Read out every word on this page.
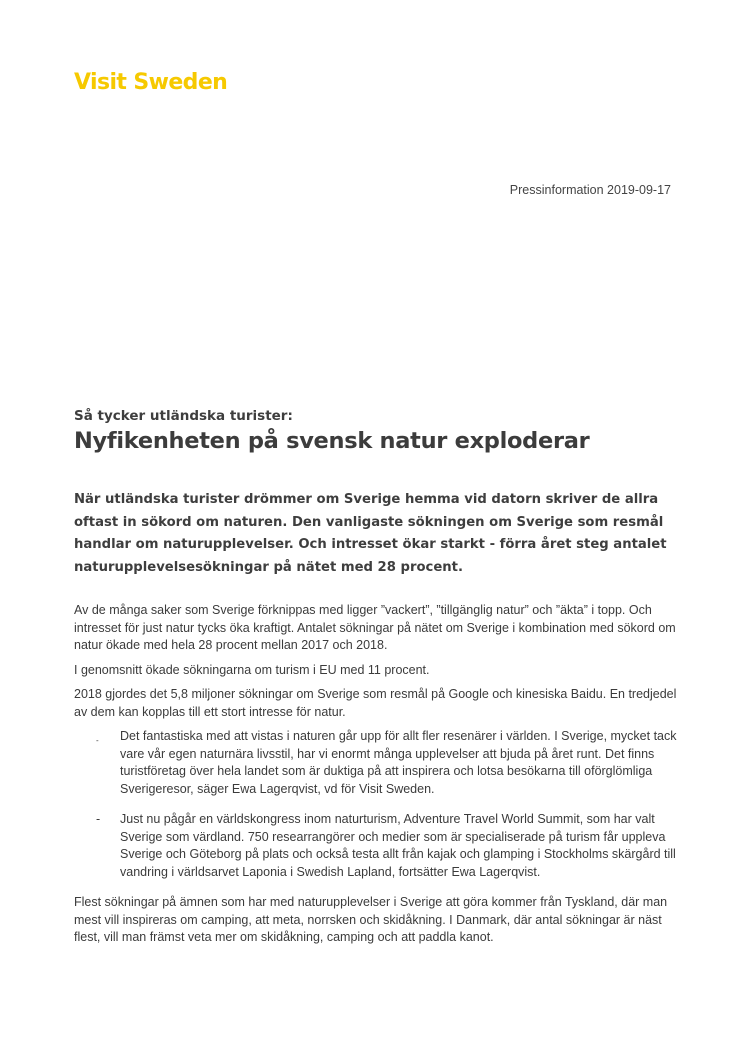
Visit Sweden
Pressinformation 2019-09-17
Så tycker utländska turister:
Nyfikenheten på svensk natur exploderar

När utländska turister drömmer om Sverige hemma vid datorn skriver de allra oftast in sökord om naturen. Den vanligaste sökningen om Sverige som resmål handlar om naturupplevelser. Och intresset ökar starkt - förra året steg antalet naturupplevelsesökningar på nätet med 28 procent.

Av de många saker som Sverige förknippas med ligger ”vackert”, ”tillgänglig natur” och ”äkta” i topp. Och intresset för just natur tycks öka kraftigt. Antalet sökningar på nätet om Sverige i kombination med sökord om natur ökade med hela 28 procent mellan 2017 och 2018.

I genomsnitt ökade sökningarna om turism i EU med 11 procent.

2018 gjordes det 5,8 miljoner sökningar om Sverige som resmål på Google och kinesiska Baidu. En tredjedel av dem kan kopplas till ett stort intresse för natur.

- Det fantastiska med att vistas i naturen går upp för allt fler resenärer i världen. I Sverige, mycket tack vare vår egen naturnära livsstil, har vi enormt många upplevelser att bjuda på året runt. Det finns turistföretag över hela landet som är duktiga på att inspirera och lotsa besökarna till oförglömliga Sverigeresor, säger Ewa Lagerqvist, vd för Visit Sweden.

- Just nu pågår en världskongress inom naturturism, Adventure Travel World Summit, som har valt Sverige som värdland. 750 researrangörer och medier som är specialiserade på turism får uppleva Sverige och Göteborg på plats och också testa allt från kajak och glamping i Stockholms skärgård till vandring i världsarvet Laponia i Swedish Lapland, fortsätter Ewa Lagerqvist.

Flest sökningar på ämnen som har med naturupplevelser i Sverige att göra kommer från Tyskland, där man mest vill inspireras om camping, att meta, norrsken och skidåkning. I Danmark, där antal sökningar är näst flest, vill man främst veta mer om skidåkning, camping och att paddla kanot.
